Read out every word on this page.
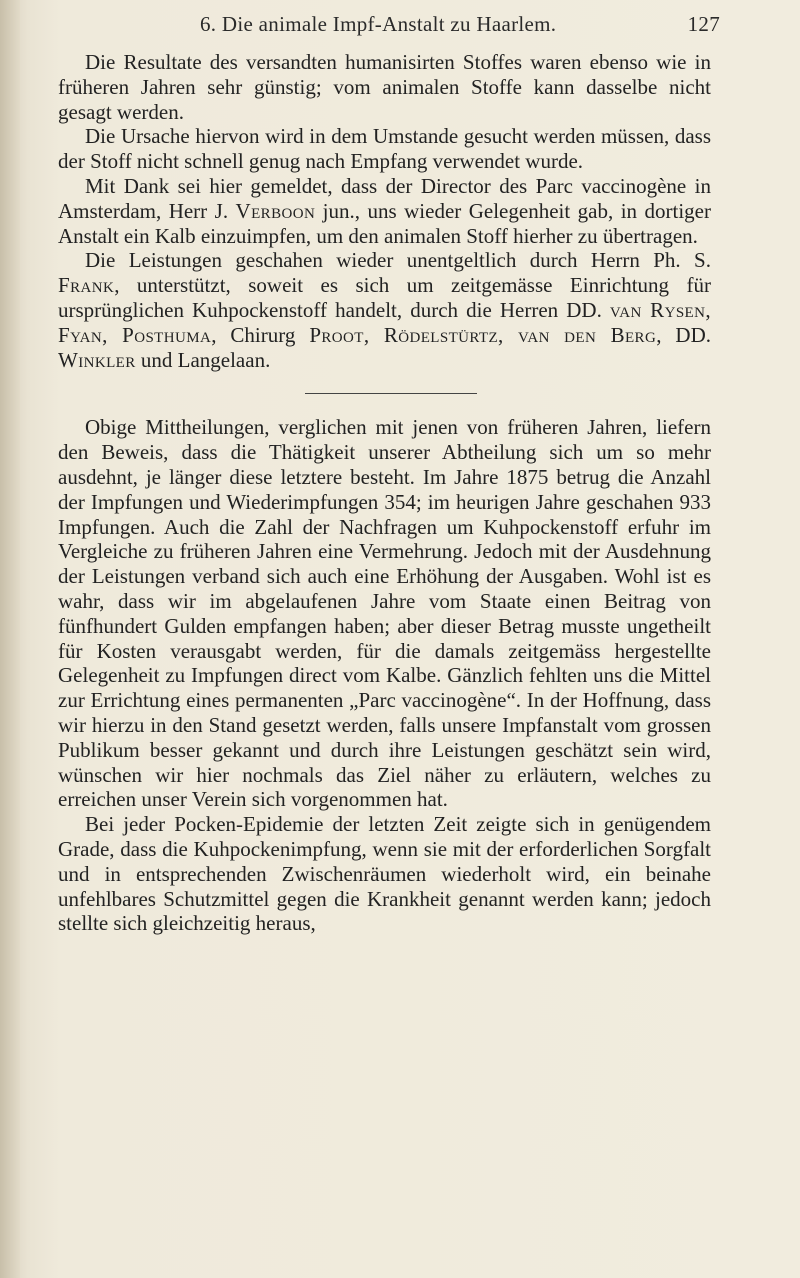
6. Die animale Impf-Anstalt zu Haarlem.	127

Die Resultate des versandten humanisirten Stoffes waren ebenso wie in früheren Jahren sehr günstig; vom animalen Stoffe kann dasselbe nicht gesagt werden.

Die Ursache hiervon wird in dem Umstande gesucht werden müssen, dass der Stoff nicht schnell genug nach Empfang verwendet wurde.

Mit Dank sei hier gemeldet, dass der Director des Parc vaccinogène in Amsterdam, Herr J. Verboon jun., uns wieder Gelegenheit gab, in dortiger Anstalt ein Kalb einzuimpfen, um den animalen Stoff hierher zu übertragen.

Die Leistungen geschahen wieder unentgeltlich durch Herrn Ph. S. Frank, unterstützt, soweit es sich um zeitgemässe Einrichtung für ursprünglichen Kuhpockenstoff handelt, durch die Herren DD. van Rysen, Fyan, Posthuma, Chirurg Proot, Rödelstürtz, van den Berg, DD. Winkler und Langelaan.

Obige Mittheilungen, verglichen mit jenen von früheren Jahren, liefern den Beweis, dass die Thätigkeit unserer Abtheilung sich um so mehr ausdehnt, je länger diese letztere besteht. Im Jahre 1875 betrug die Anzahl der Impfungen und Wiederimpfungen 354; im heurigen Jahre geschahen 933 Impfungen. Auch die Zahl der Nachfragen um Kuhpockenstoff erfuhr im Vergleiche zu früheren Jahren eine Vermehrung. Jedoch mit der Ausdehnung der Leistungen verband sich auch eine Erhöhung der Ausgaben. Wohl ist es wahr, dass wir im abgelaufenen Jahre vom Staate einen Beitrag von fünfhundert Gulden empfangen haben; aber dieser Betrag musste ungetheilt für Kosten verausgabt werden, für die damals zeitgemäss hergestellte Gelegenheit zu Impfungen direct vom Kalbe. Gänzlich fehlten uns die Mittel zur Errichtung eines permanenten „Parc vaccinogène“. In der Hoffnung, dass wir hierzu in den Stand gesetzt werden, falls unsere Impfanstalt vom grossen Publikum besser gekannt und durch ihre Leistungen geschätzt sein wird, wünschen wir hier nochmals das Ziel näher zu erläutern, welches zu erreichen unser Verein sich vorgenommen hat.

Bei jeder Pocken-Epidemie der letzten Zeit zeigte sich in genügendem Grade, dass die Kuhpockenimpfung, wenn sie mit der erforderlichen Sorgfalt und in entsprechenden Zwischenräumen wiederholt wird, ein beinahe unfehlbares Schutzmittel gegen die Krankheit genannt werden kann; jedoch stellte sich gleichzeitig heraus,
